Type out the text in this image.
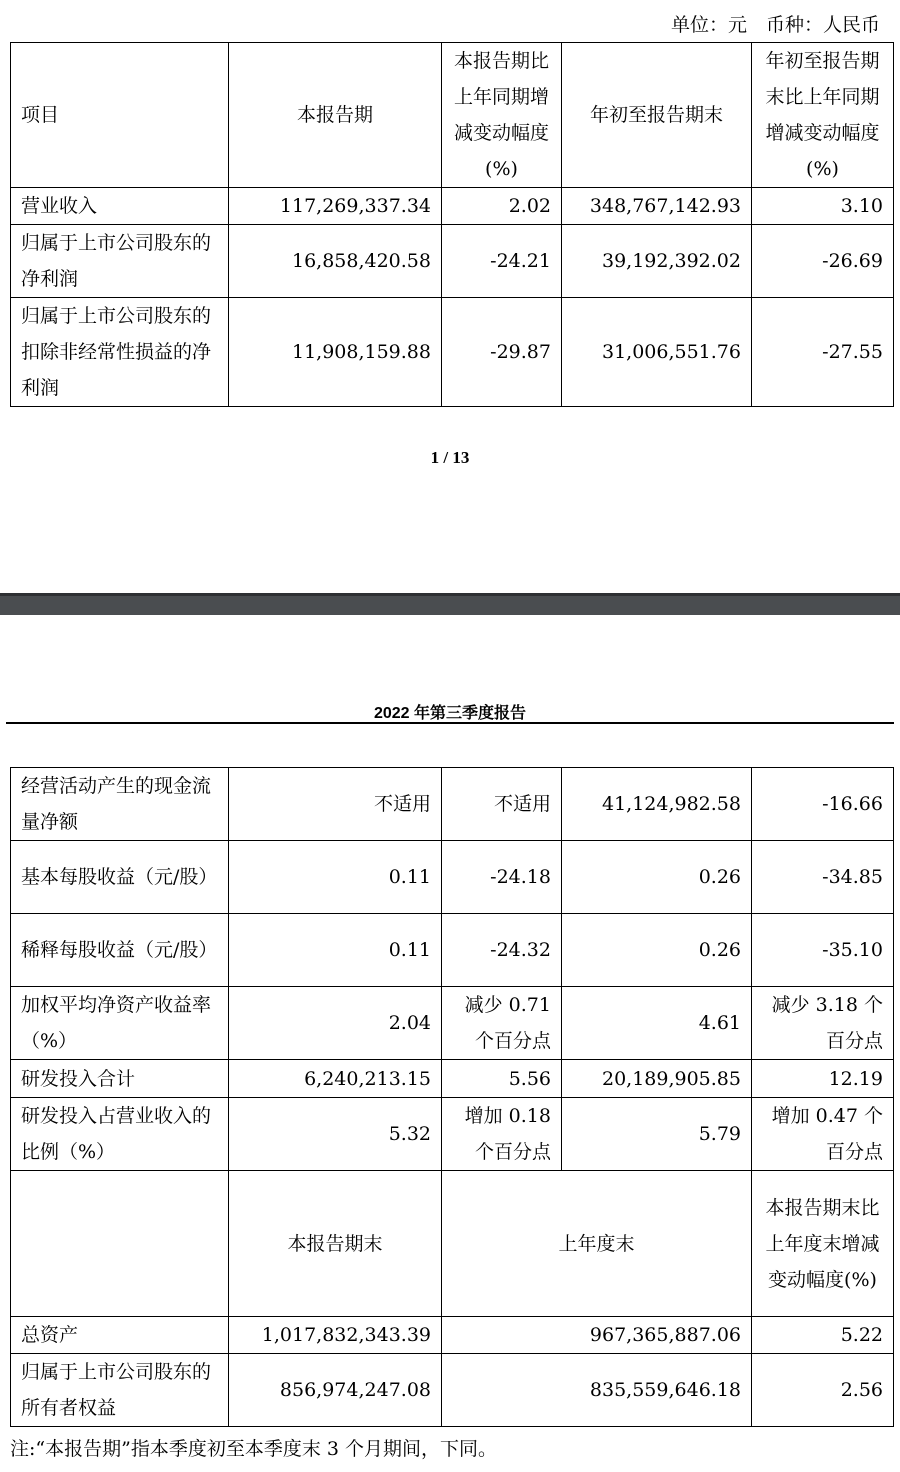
单位：元　币种：人民币
项目	本报告期	本报告期比上年同期增减变动幅度(%)	年初至报告期末	年初至报告期末比上年同期增减变动幅度(%)
营业收入	117,269,337.34	2.02	348,767,142.93	3.10
归属于上市公司股东的净利润	16,858,420.58	-24.21	39,192,392.02	-26.69
归属于上市公司股东的扣除非经常性损益的净利润	11,908,159.88	-29.87	31,006,551.76	-27.55
1 / 13
2022 年第三季度报告
经营活动产生的现金流量净额	不适用	不适用	41,124,982.58	-16.66
基本每股收益（元/股）	0.11	-24.18	0.26	-34.85
稀释每股收益（元/股）	0.11	-24.32	0.26	-35.10
加权平均净资产收益率（%）	2.04	减少 0.71 个百分点	4.61	减少 3.18 个百分点
研发投入合计	6,240,213.15	5.56	20,189,905.85	12.19
研发投入占营业收入的比例（%）	5.32	增加 0.18 个百分点	5.79	增加 0.47 个百分点
	本报告期末	上年度末		本报告期末比上年度末增减变动幅度(%)
总资产	1,017,832,343.39	967,365,887.06		5.22
归属于上市公司股东的所有者权益	856,974,247.08	835,559,646.18		2.56
注:“本报告期”指本季度初至本季度末 3 个月期间，下同。
